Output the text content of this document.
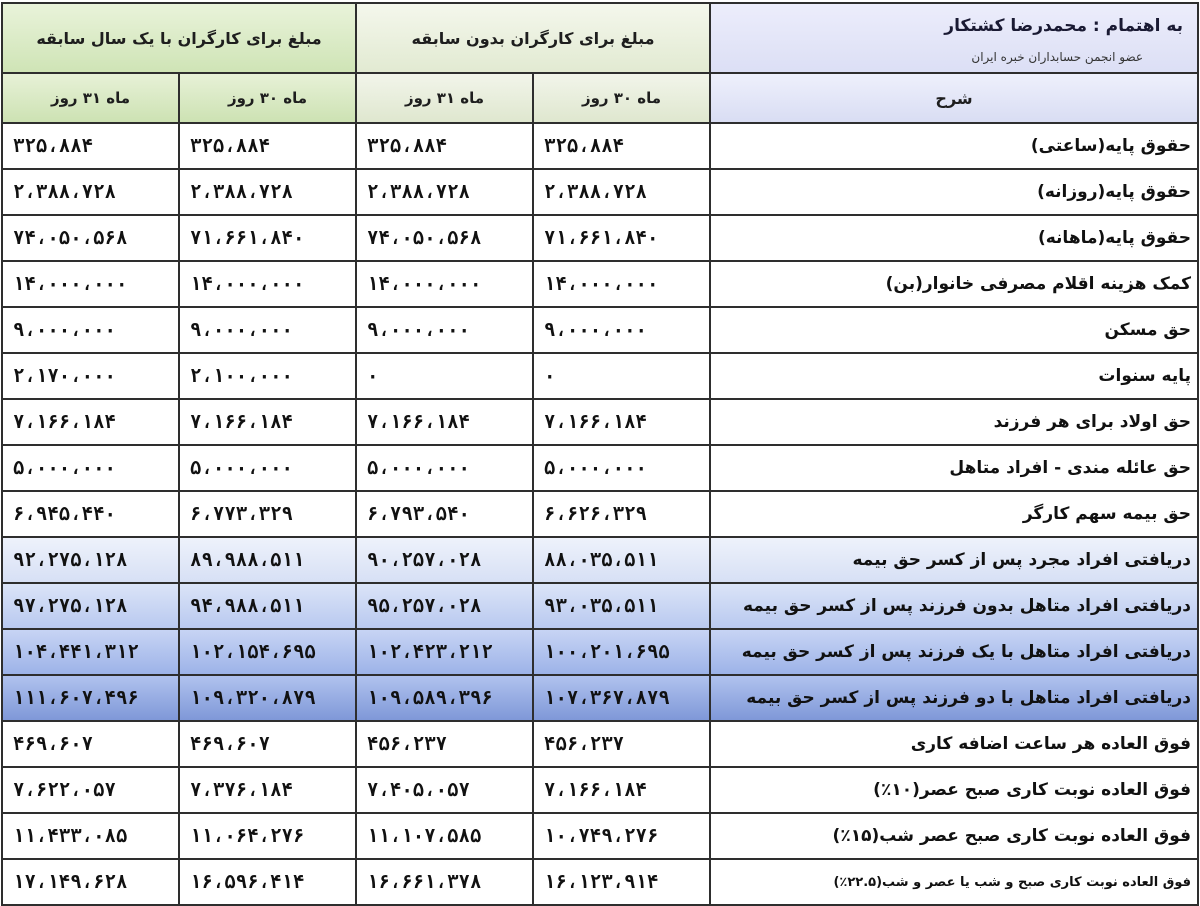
به اهتمام : محمدرضا کشتکار
عضو انجمن حسابداران خبره ایران	مبلغ برای کارگران بدون سابقه		مبلغ برای کارگران با یک سال سابقه	
شرح	ماه ۳۰ روز	ماه ۳۱ روز	ماه ۳۰ روز	ماه ۳۱ روز
حقوق پایه(ساعتی)	۳۲۵،۸۸۴	۳۲۵،۸۸۴	۳۲۵،۸۸۴	۳۲۵،۸۸۴
حقوق پایه(روزانه)	۲،۳۸۸،۷۲۸	۲،۳۸۸،۷۲۸	۲،۳۸۸،۷۲۸	۲،۳۸۸،۷۲۸
حقوق پایه(ماهانه)	۷۱،۶۶۱،۸۴۰	۷۴،۰۵۰،۵۶۸	۷۱،۶۶۱،۸۴۰	۷۴،۰۵۰،۵۶۸
کمک هزینه اقلام مصرفی خانوار(بن)	۱۴،۰۰۰،۰۰۰	۱۴،۰۰۰،۰۰۰	۱۴،۰۰۰،۰۰۰	۱۴،۰۰۰،۰۰۰
حق مسکن	۹،۰۰۰،۰۰۰	۹،۰۰۰،۰۰۰	۹،۰۰۰،۰۰۰	۹،۰۰۰،۰۰۰
پایه سنوات	۰	۰	۲،۱۰۰،۰۰۰	۲،۱۷۰،۰۰۰
حق اولاد برای هر فرزند	۷،۱۶۶،۱۸۴	۷،۱۶۶،۱۸۴	۷،۱۶۶،۱۸۴	۷،۱۶۶،۱۸۴
حق عائله مندی - افراد متاهل	۵،۰۰۰،۰۰۰	۵،۰۰۰،۰۰۰	۵،۰۰۰،۰۰۰	۵،۰۰۰،۰۰۰
حق بیمه سهم کارگر	۶،۶۲۶،۳۲۹	۶،۷۹۳،۵۴۰	۶،۷۷۳،۳۲۹	۶،۹۴۵،۴۴۰
دریافتی افراد مجرد پس از کسر حق بیمه	۸۸،۰۳۵،۵۱۱	۹۰،۲۵۷،۰۲۸	۸۹،۹۸۸،۵۱۱	۹۲،۲۷۵،۱۲۸
دریافتی افراد متاهل بدون فرزند پس از کسر حق بیمه	۹۳،۰۳۵،۵۱۱	۹۵،۲۵۷،۰۲۸	۹۴،۹۸۸،۵۱۱	۹۷،۲۷۵،۱۲۸
دریافتی افراد متاهل با یک فرزند پس از کسر حق بیمه	۱۰۰،۲۰۱،۶۹۵	۱۰۲،۴۲۳،۲۱۲	۱۰۲،۱۵۴،۶۹۵	۱۰۴،۴۴۱،۳۱۲
دریافتی افراد متاهل با دو فرزند پس از کسر حق بیمه	۱۰۷،۳۶۷،۸۷۹	۱۰۹،۵۸۹،۳۹۶	۱۰۹،۳۲۰،۸۷۹	۱۱۱،۶۰۷،۴۹۶
فوق العاده هر ساعت اضافه کاری	۴۵۶،۲۳۷	۴۵۶،۲۳۷	۴۶۹،۶۰۷	۴۶۹،۶۰۷
فوق العاده نوبت کاری صبح عصر(۱۰٪)	۷،۱۶۶،۱۸۴	۷،۴۰۵،۰۵۷	۷،۳۷۶،۱۸۴	۷،۶۲۲،۰۵۷
فوق العاده نوبت کاری صبح عصر شب(۱۵٪)	۱۰،۷۴۹،۲۷۶	۱۱،۱۰۷،۵۸۵	۱۱،۰۶۴،۲۷۶	۱۱،۴۳۳،۰۸۵
فوق العاده نوبت کاری صبح و شب یا عصر و شب(۲۲.۵٪)	۱۶،۱۲۳،۹۱۴	۱۶،۶۶۱،۳۷۸	۱۶،۵۹۶،۴۱۴	۱۷،۱۴۹،۶۲۸
